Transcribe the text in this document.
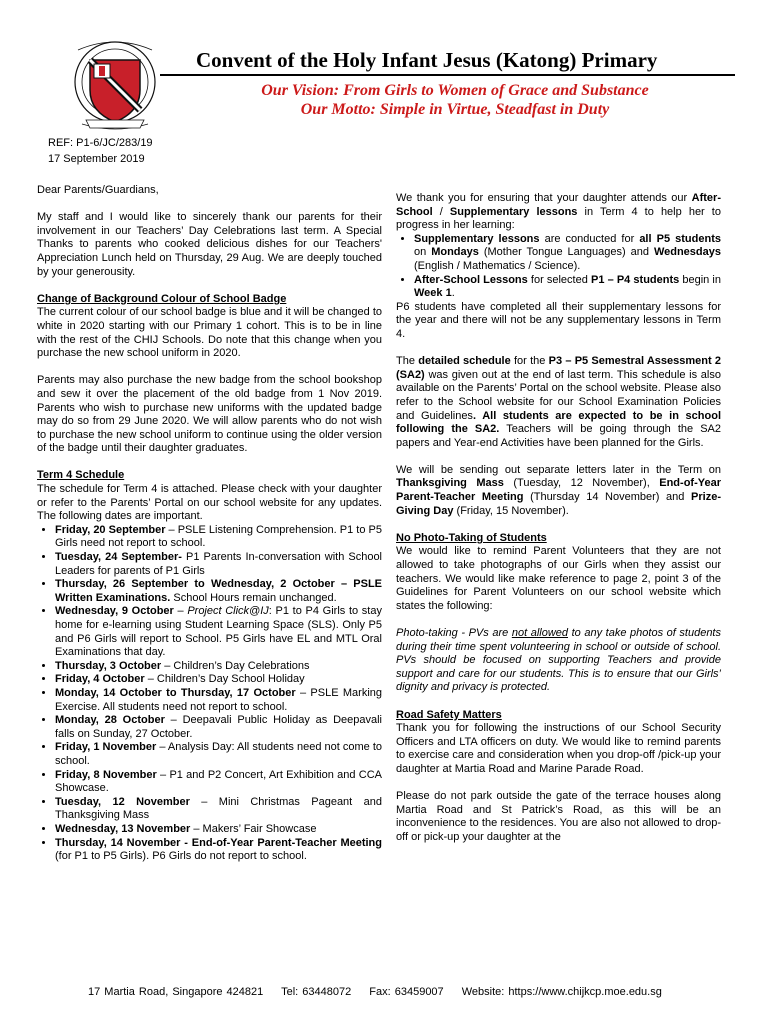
Convent of the Holy Infant Jesus (Katong) Primary
Our Vision: From Girls to Women of Grace and Substance
Our Motto: Simple in Virtue, Steadfast in Duty
REF: P1-6/JC/283/19
17 September 2019

Dear Parents/Guardians,

My staff and I would like to sincerely thank our parents for their involvement in our Teachers’ Day Celebrations last term. A Special Thanks to parents who cooked delicious dishes for our Teachers' Appreciation Lunch held on Thursday, 29 Aug. We are deeply touched by your generousity.

Change of Background Colour of School Badge

The current colour of our school badge is blue and it will be changed to white in 2020 starting with our Primary 1 cohort. This is to be in line with the rest of the CHIJ Schools. Do note that this change when you purchase the new school uniform in 2020.

Parents may also purchase the new badge from the school bookshop and sew it over the placement of the old badge from 1 Nov 2019. Parents who wish to purchase new uniforms with the updated badge may do so from 29 June 2020. We will allow parents who do not wish to purchase the new school uniform to continue using the older version of the badge until their daughter graduates.

Term 4 Schedule
The schedule for Term 4 is attached. Please check with your daughter or refer to the Parents’ Portal on our school website for any updates. The following dates are important.
• Friday, 20 September – PSLE Listening Comprehension. P1 to P5 Girls need not report to school.
• Tuesday, 24 September- P1 Parents In-conversation with School Leaders for parents of P1 Girls
• Thursday, 26 September to Wednesday, 2 October – PSLE Written Examinations. School Hours remain unchanged.
• Wednesday, 9 October – Project Click@IJ: P1 to P4 Girls to stay home for e-learning using Student Learning Space (SLS). Only P5 and P6 Girls will report to School. P5 Girls have EL and MTL Oral Examinations that day.
• Thursday, 3 October – Children’s Day Celebrations
• Friday, 4 October – Children’s Day School Holiday
• Monday, 14 October to Thursday, 17 October – PSLE Marking Exercise. All students need not report to school.
• Monday, 28 October – Deepavali Public Holiday as Deepavali falls on Sunday, 27 October.
• Friday, 1 November – Analysis Day: All students need not come to school.
• Friday, 8 November – P1 and P2 Concert, Art Exhibition and CCA Showcase.
• Tuesday, 12 November – Mini Christmas Pageant and Thanksgiving Mass
• Wednesday, 13 November – Makers’ Fair Showcase
• Thursday, 14 November - End-of-Year Parent-Teacher Meeting (for P1 to P5 Girls). P6 Girls do not report to school.
We thank you for ensuring that your daughter attends our After-School / Supplementary lessons in Term 4 to help her to progress in her learning:
• Supplementary lessons are conducted for all P5 students on Mondays (Mother Tongue Languages) and Wednesdays (English / Mathematics / Science).
• After-School Lessons for selected P1 – P4 students begin in Week 1.

P6 students have completed all their supplementary lessons for the year and there will not be any supplementary lessons in Term 4.

The detailed schedule for the P3 – P5 Semestral Assessment 2 (SA2) was given out at the end of last term. This schedule is also available on the Parents’ Portal on the school website. Please also refer to the School website for our School Examination Policies and Guidelines. All students are expected to be in school following the SA2. Teachers will be going through the SA2 papers and Year-end Activities have been planned for the Girls.

We will be sending out separate letters later in the Term on Thanksgiving Mass (Tuesday, 12 November), End-of-Year Parent-Teacher Meeting (Thursday 14 November) and Prize-Giving Day (Friday, 15 November).

No Photo-Taking of Students

We would like to remind Parent Volunteers that they are not allowed to take photographs of our Girls when they assist our teachers. We would like make reference to page 2, point 3 of the Guidelines for Parent Volunteers on our school website which states the following:

Photo-taking - PVs are not allowed to any take photos of students during their time spent volunteering in school or outside of school. PVs should be focused on supporting Teachers and provide support and care for our students. This is to ensure that our Girls’ dignity and privacy is protected.

Road Safety Matters

Thank you for following the instructions of our School Security Officers and LTA officers on duty. We would like to remind parents to exercise care and consideration when you drop-off /pick-up your daughter at Martia Road and Marine Parade Road.

Please do not park outside the gate of the terrace houses along Martia Road and St Patrick’s Road, as this will be an inconvenience to the residences. You are also not allowed to drop-off or pick-up your daughter at the

17 Martia Road, Singapore 424821 Tel: 63448072 Fax: 63459007 Website: https://www.chijkcp.moe.edu.sg
